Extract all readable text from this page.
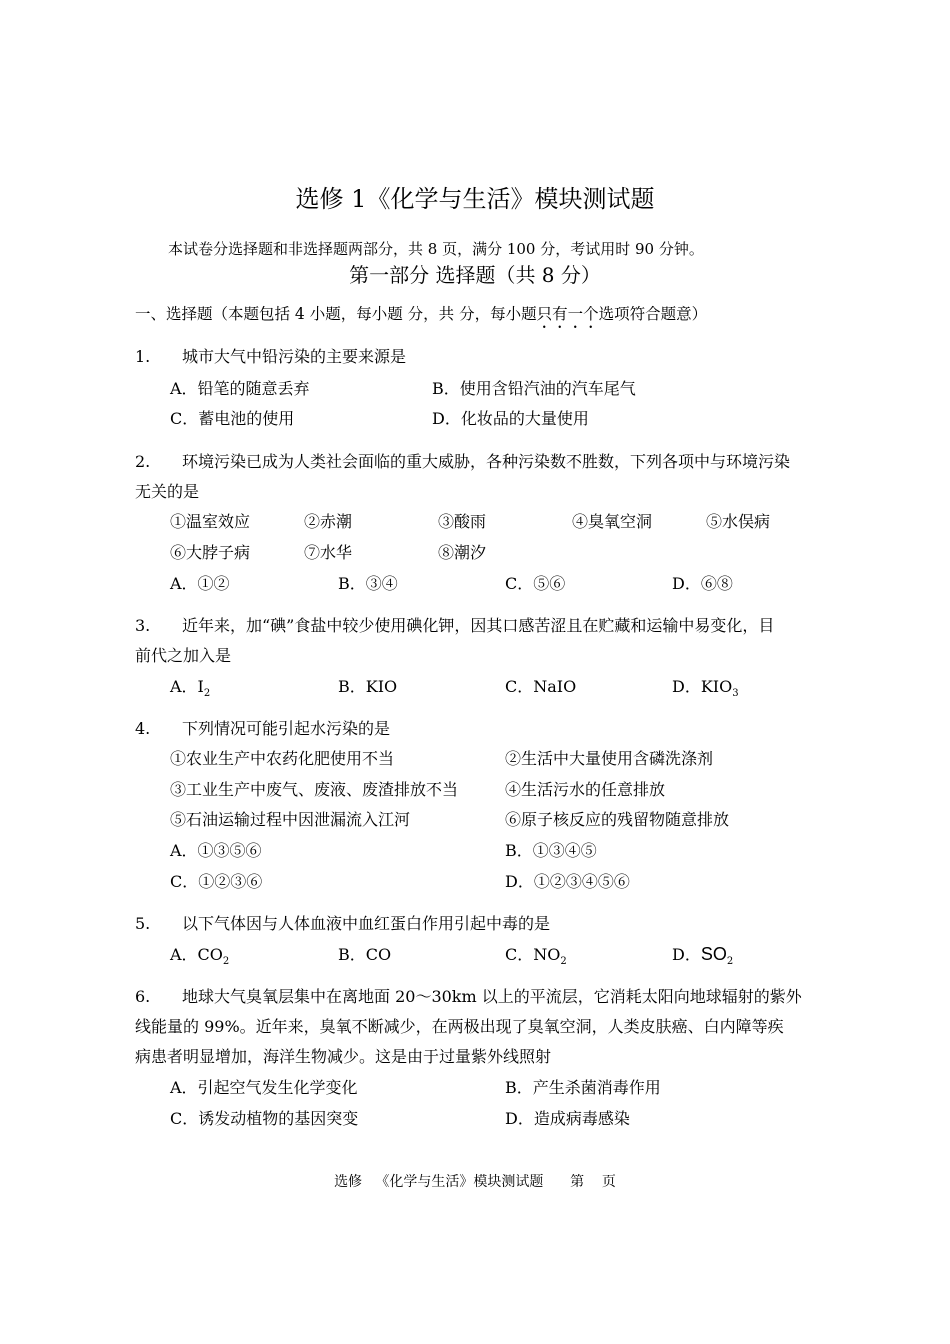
选修 1《化学与生活》模块测试题
本试卷分选择题和非选择题两部分，共 8 页，满分 100 分，考试用时 90 分钟。
第一部分 选择题（共 8 分）
一、选择题（本题包括 4 小题，每小题 分，共 分，每小题只有一个选项符合题意）
1. 城市大气中铅污染的主要来源是
A．铅笔的随意丢弃	B．使用含铅汽油的汽车尾气
C．蓄电池的使用	D．化妆品的大量使用
2. 环境污染已成为人类社会面临的重大威胁，各种污染数不胜数，下列各项中与环境污染
无关的是
①温室效应	②赤潮	③酸雨	④臭氧空洞	⑤水俣病
⑥大脖子病	⑦水华	⑧潮汐
A．①②	B．③④	C．⑤⑥	D．⑥⑧
3. 近年来，加“碘”食盐中较少使用碘化钾，因其口感苦涩且在贮藏和运输中易变化，目
前代之加入是
A．$I_2$	B．KIO	C．NaIO	D．$KIO_3$
4. 下列情况可能引起水污染的是
①农业生产中农药化肥使用不当	②生活中大量使用含磷洗涤剂
③工业生产中废气、废液、废渣排放不当	④生活污水的任意排放
⑤石油运输过程中因泄漏流入江河	⑥原子核反应的残留物随意排放
A．①③⑤⑥	B．①③④⑤
C．①②③⑥	D．①②③④⑤⑥
5. 以下气体因与人体血液中血红蛋白作用引起中毒的是
A．$CO_2$	B．CO	C．$NO_2$	D．$SO_2$
6. 地球大气臭氧层集中在离地面 20～30km 以上的平流层，它消耗太阳向地球辐射的紫外
线能量的 99%。近年来，臭氧不断减少，在两极出现了臭氧空洞，人类皮肤癌、白内障等疾
病患者明显增加，海洋生物减少。这是由于过量紫外线照射
A．引起空气发生化学变化	B．产生杀菌消毒作用
C．诱发动植物的基因突变	D．造成病毒感染
选修   《化学与生活》模块测试题      第    页
